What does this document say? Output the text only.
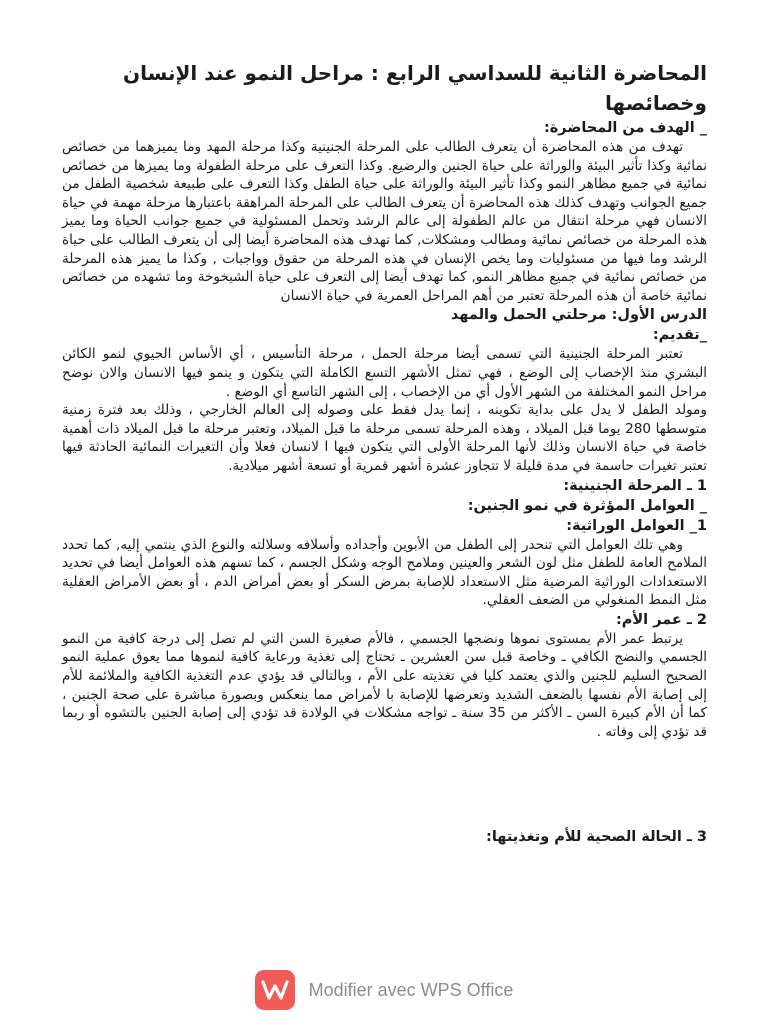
المحاضرة الثانية للسداسي الرابع : مراحل النمو عند الإنسان وخصائصها

_ الهدف من المحاضرة:

تهدف من هذه المحاضرة أن يتعرف الطالب على المرحلة الجنينية وكذا مرحلة المهد وما يميزهما من خصائص نمائية وكذا تأثير البيئة والوراثة على حياة الجنين والرضيع. وكذا التعرف على مرحلة الطفولة وما يميزها من خصائص نمائية في جميع مظاهر النمو وكذا تأثير البيئة والوراثة على حياة الطفل وكذا التعرف على طبيعة شخصية الطفل من جميع الجوانب وتهدف كذلك هذه المحاضرة أن يتعرف الطالب على المرحلة المراهقة باعتبارها مرحلة مهمة في حياة الانسان فهي مرحلة انتقال من عالم الطفولة إلى عالم الرشد وتحمل المسئولية في جميع جوانب الحياة وما يميز هذه المرحلة من خصائص نمائية ومطالب ومشكلات, كما تهدف هذه المحاضرة أيضا إلى أن يتعرف الطالب على حياة الرشد وما فيها من مسئوليات وما يخص الإنسان في هذه المرحلة من حقوق وواجبات , وكذا ما يميز هذه المرحلة من خصائص نمائية في جميع مظاهر النمو, كما تهدف أيضا إلى التعرف على حياة الشيخوخة وما تشهده من خصائص نمائية خاصة أن هذه المرحلة تعتبر من أهم المراحل العمرية في حياة الانسان

الدرس الأول: مرحلتي الحمل والمهد

_تقديم:

تعتبر المرحلة الجنينية التي تسمى أيضا مرحلة الحمل ، مرحلة التأسيس ، أي الأساس الحيوي لنمو الكائن البشري منذ الإخصاب إلى الوضع ، فهي تمثل الأشهر التسع الكاملة التي يتكون و ينمو فيها الانسان والان نوضح مراحل النمو المختلفة من الشهر الأول أي من الإخصاب ، إلى الشهر التاسع أي الوضع .

ومولد الطفل لا يدل على بداية تكوينه ، إنما يدل فقط على وصوله إلى العالم الخارجي ، وذلك بعد فترة زمنية متوسطها 280 يوما قبل الميلاد ، وهذه المرحلة تسمى مرحلة ما قبل الميلاد، وتعتبر مرحلة ما قبل الميلاد ذات أهمية خاصة في حياة الانسان وذلك لأنها المرحلة الأولى التي يتكون فيها ا لانسان فعلا وأن التغيرات النمائية الحادثة فيها تعتبر تغيرات حاسمة في مدة قليلة لا تتجاوز عشرة أشهر قمرية أو تسعة أشهر ميلادية.

1 ـ المرحلة الجنينية:

_ العوامل المؤثرة في نمو الجنين:

1_ العوامل الوراثية:

وهي تلك العوامل التي تنحدر إلى الطفل من الأبوين وأجداده وأسلافه وسلالته والنوع الذي ينتمي إليه, كما تحدد الملامح العامة للطفل مثل لون الشعر والعينين وملامح الوجه وشكل الجسم ، كما تسهم هذه العوامل أيضا في تحديد الاستعدادات الوراثية المرضية مثل الاستعداد للإصابة بمرض السكر أو بعض أمراض الدم ، أو بعض الأمراض العقلية مثل النمط المنغولي من الضعف العقلي.

2 ـ عمر الأم:

يرتبط عمر الأم بمستوى نموها ونضجها الجسمي ، فالأم صغيرة السن التي لم تصل إلى درجة كافية من النمو الجسمي والنضج الكافي ـ وخاصة قبل سن العشرين ـ تحتاج إلى تغذية ورعاية كافية لنموها مما يعوق عملية النمو الصحيح السليم للجنين والذي يعتمد كليا في تغذيته على الأم ، وبالتالي قد يؤدي عدم التغذية الكافية والملائمة للأم إلى إصابة الأم نفسها بالضعف الشديد وتعرضها للإصابة با لأمراض مما ينعكس وبصورة مباشرة على صحة الجنين ، كما أن الأم كبيرة السن ـ الأكثر من 35 سنة ـ تواجه مشكلات في الولادة قد تؤدي إلى إصابة الجنين بالتشوه أو ربما قد تؤدي إلى وفاته .

3 ـ الحالة الصحية للأم وتغذيتها:

Modifier avec WPS Office
